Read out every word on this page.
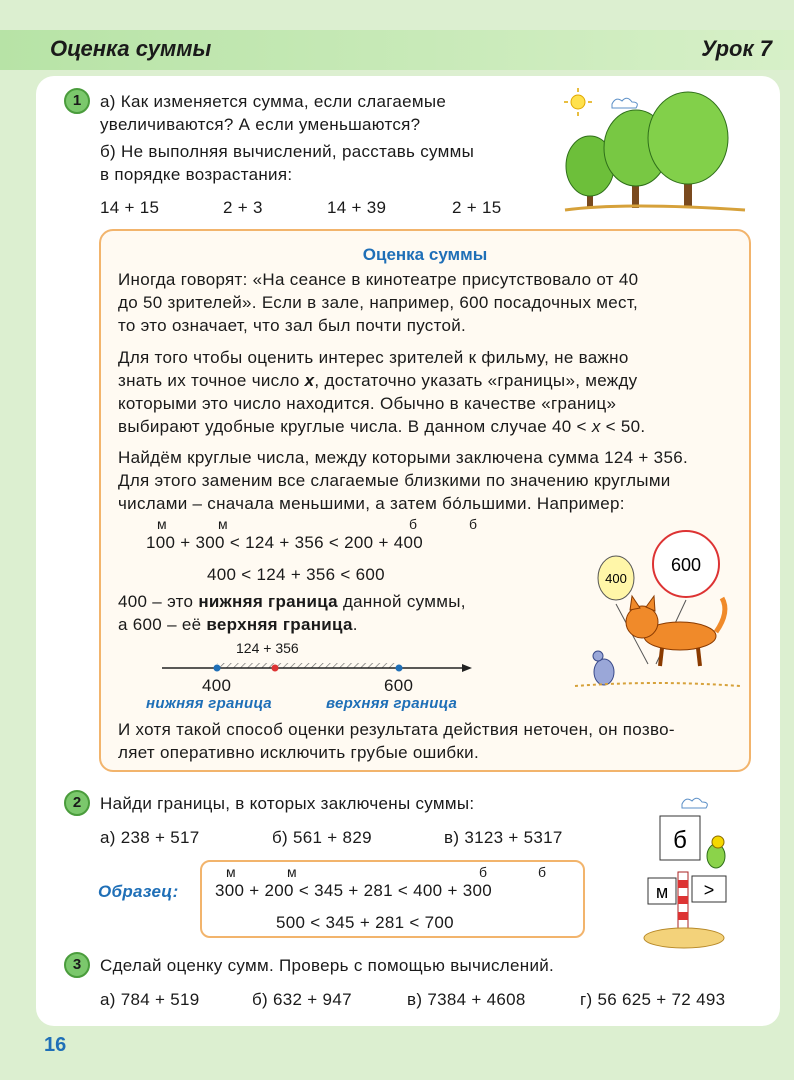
Оценка суммы	Урок 7
1	а) Как изменяется сумма, если слагаемые
увеличиваются? А если уменьшаются?
б) Не выполняя вычислений, расставь суммы
в порядке возрастания:
14 + 15	2 + 3	14 + 39	2 + 15
Оценка суммы
Иногда говорят: «На сеансе в кинотеатре присутствовало от 40
до 50 зрителей». Если в зале, например, 600 посадочных мест,
то это означает, что зал был почти пустой.
Для того чтобы оценить интерес зрителей к фильму, не важно
знать их точное число x, достаточно указать «границы», между
которыми это число находится. Обычно в качестве «границ»
выбирают удобные круглые числа. В данном случае 40 < x < 50.
Найдём круглые числа, между которыми заключена сумма 124 + 356.
Для этого заменим все слагаемые близкими по значению круглыми
числами – сначала меньшими, а затем бо́льшими. Например:
м	м	б	б
100 + 300 < 124 + 356 < 200 + 400
400 < 124 + 356 < 600
400 – это нижняя граница данной суммы,
а 600 – её верхняя граница.
124 + 356
400	600
нижняя граница	верхняя граница
И хотя такой способ оценки результата действия неточен, он позво-
ляет оперативно исключить грубые ошибки.
400
600
2	Найди границы, в которых заключены суммы:
а) 238 + 517	б) 561 + 829	в) 3123 + 5317
Образец:
м	м	б	б
300 + 200 < 345 + 281 < 400 + 300
500 < 345 + 281 < 700
б
м >
3	Сделай оценку сумм. Проверь с помощью вычислений.
а) 784 + 519	б) 632 + 947	в) 7384 + 4608	г) 56 625 + 72 493
16
